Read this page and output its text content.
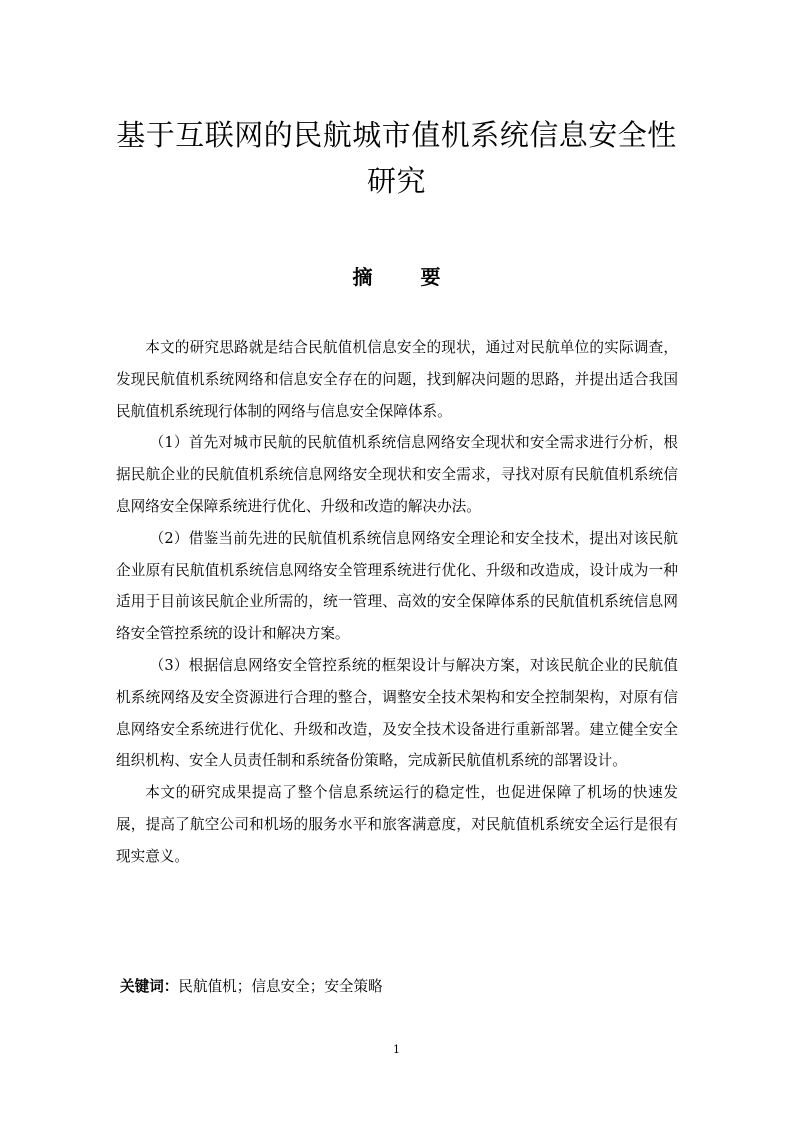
基于互联网的民航城市值机系统信息安全性
研究
摘 要

本文的研究思路就是结合民航值机信息安全的现状，通过对民航单位的实际调查，发现民航值机系统网络和信息安全存在的问题，找到解决问题的思路，并提出适合我国民航值机系统现行体制的网络与信息安全保障体系。

（1）首先对城市民航的民航值机系统信息网络安全现状和安全需求进行分析，根据民航企业的民航值机系统信息网络安全现状和安全需求，寻找对原有民航值机系统信息网络安全保障系统进行优化、升级和改造的解决办法。

（2）借鉴当前先进的民航值机系统信息网络安全理论和安全技术，提出对该民航企业原有民航值机系统信息网络安全管理系统进行优化、升级和改造成，设计成为一种适用于目前该民航企业所需的，统一管理、高效的安全保障体系的民航值机系统信息网络安全管控系统的设计和解决方案。

（3）根据信息网络安全管控系统的框架设计与解决方案，对该民航企业的民航值机系统网络及安全资源进行合理的整合，调整安全技术架构和安全控制架构，对原有信息网络安全系统进行优化、升级和改造，及安全技术设备进行重新部署。建立健全安全组织机构、安全人员责任制和系统备份策略，完成新民航值机系统的部署设计。

本文的研究成果提高了整个信息系统运行的稳定性，也促进保障了机场的快速发展，提高了航空公司和机场的服务水平和旅客满意度，对民航值机系统安全运行是很有现实意义。

关键词：民航值机；信息安全；安全策略
1
